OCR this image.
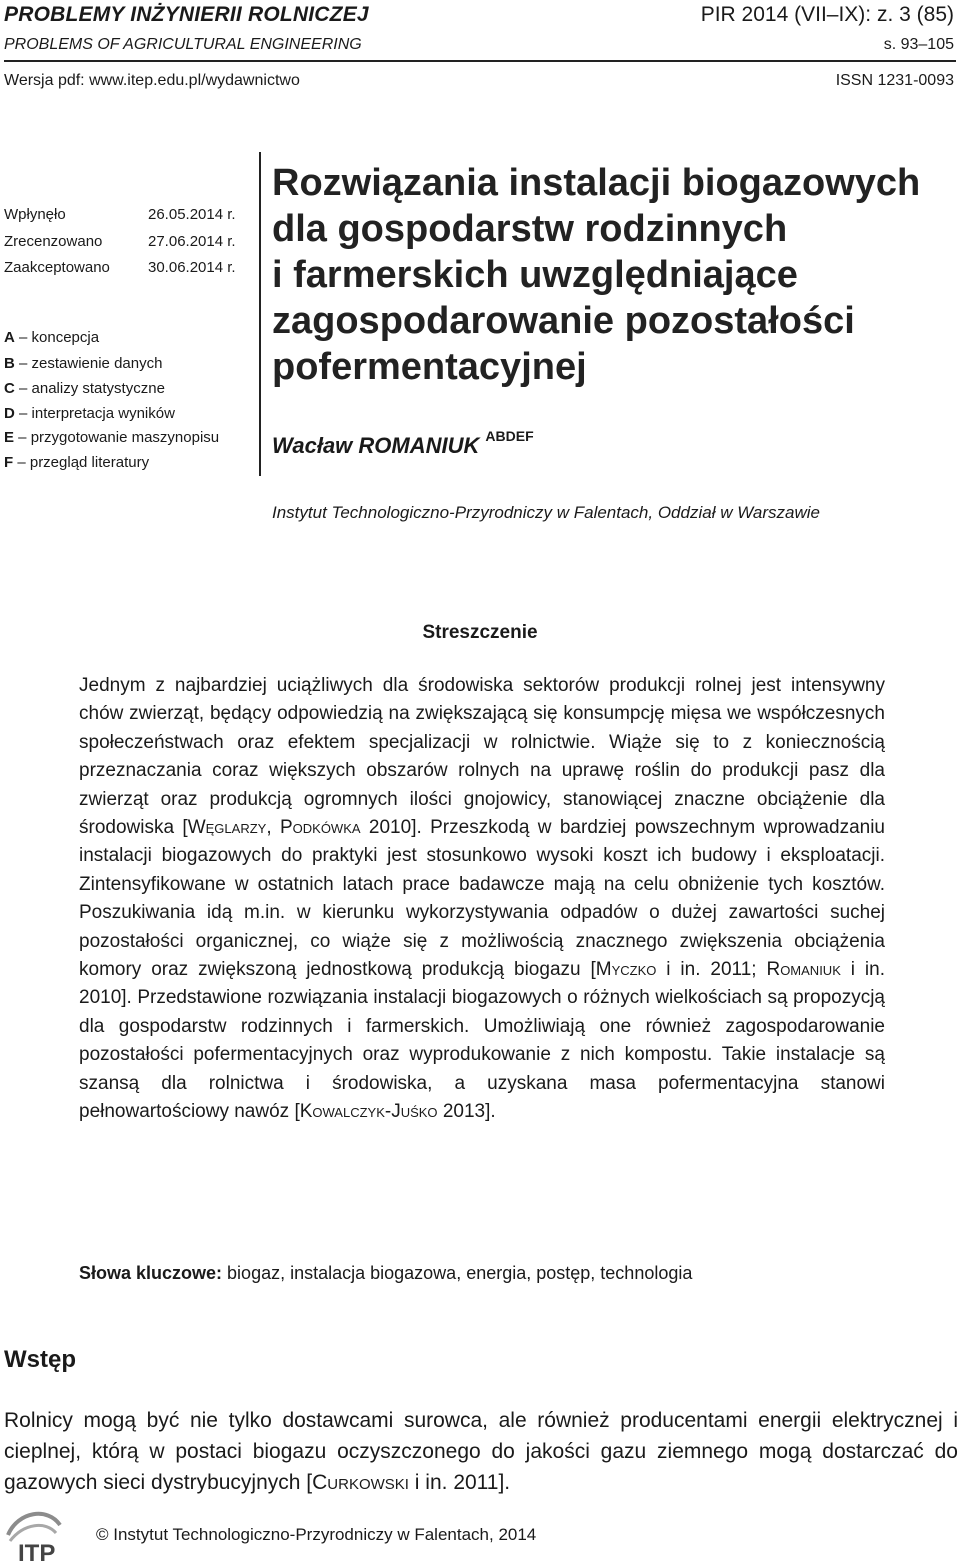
PROBLEMY INŻYNIERII ROLNICZEJ
PROBLEMS OF AGRICULTURAL ENGINEERING
PIR 2014 (VII–IX): z. 3 (85)
s. 93–105
Wersja pdf: www.itep.edu.pl/wydawnictwo	ISSN 1231-0093
Wpłynęło	26.05.2014 r.
Zrecenzowano	27.06.2014 r.
Zaakceptowano	30.06.2014 r.
A – koncepcja
B – zestawienie danych
C – analizy statystyczne
D – interpretacja wyników
E – przygotowanie maszynopisu
F – przegląd literatury
Rozwiązania instalacji biogazowych
dla gospodarstw rodzinnych
i farmerskich uwzględniające
zagospodarowanie pozostałości
pofermentacyjnej
Wacław ROMANIUK $^{ABDEF}$
Instytut Technologiczno-Przyrodniczy w Falentach, Oddział w Warszawie
Streszczenie
Jednym z najbardziej uciążliwych dla środowiska sektorów produkcji rolnej jest intensywny chów zwierząt, będący odpowiedzią na zwiększającą się konsumpcję mięsa we współczesnych społeczeństwach oraz efektem specjalizacji w rolnictwie. Wiąże się to z koniecznością przeznaczania coraz większych obszarów rolnych na uprawę roślin do produkcji pasz dla zwierząt oraz produkcją ogromnych ilości gnojowicy, stanowiącej znaczne obciążenie dla środowiska [Węglarzy, Podkówka 2010]. Przeszkodą w bardziej powszechnym wprowadzaniu instalacji biogazowych do praktyki jest stosunkowo wysoki koszt ich budowy i eksploatacji. Zintensyfikowane w ostatnich latach prace badawcze mają na celu obniżenie tych kosztów. Poszukiwania idą m.in. w kierunku wykorzystywania odpadów o dużej zawartości suchej pozostałości organicznej, co wiąże się z możliwością znacznego zwiększenia obciążenia komory oraz zwiększoną jednostkową produkcją biogazu [Myczko i in. 2011; Romaniuk i in. 2010]. Przedstawione rozwiązania instalacji biogazowych o różnych wielkościach są propozycją dla gospodarstw rodzinnych i farmerskich. Umożliwiają one również zagospodarowanie pozostałości pofermentacyjnych oraz wyprodukowanie z nich kompostu. Takie instalacje są szansą dla rolnictwa i środowiska, a uzyskana masa pofermentacyjna stanowi pełnowartościowy nawóz [Kowalczyk-Juśko 2013].
Słowa kluczowe: biogaz, instalacja biogazowa, energia, postęp, technologia
Wstęp
Rolnicy mogą być nie tylko dostawcami surowca, ale również producentami energii elektrycznej i cieplnej, którą w postaci biogazu oczyszczonego do jakości gazu ziemnego mogą dostarczać do gazowych sieci dystrybucyjnych [Curkowski i in. 2011].
ITP
© Instytut Technologiczno-Przyrodniczy w Falentach, 2014
